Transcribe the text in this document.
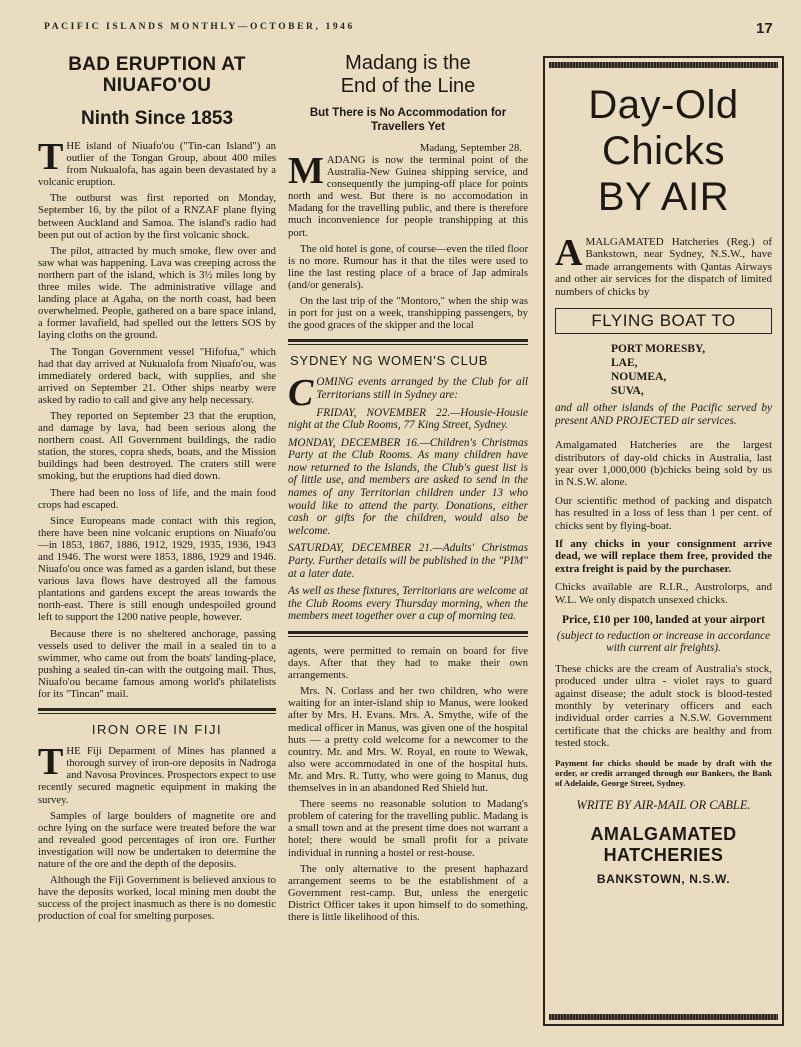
PACIFIC ISLANDS MONTHLY—OCTOBER, 1946	17
BAD ERUPTION AT NIUAFO'OU
Ninth Since 1853

THE island of Niuafo'ou ("Tin-can Island") an outlier of the Tongan Group, about 400 miles from Nukualofa, has again been devastated by a volcanic eruption.

The outburst was first reported on Monday, September 16, by the pilot of a RNZAF plane flying between Auckland and Samoa. The island's radio had been put out of action by the first volcanic shock.

The pilot, attracted by much smoke, flew over and saw what was happening. Lava was creeping across the northern part of the island, which is 3½ miles long by three miles wide. The administrative village and landing place at Agaha, on the north coast, had been overwhelmed. People, gathered on a bare space inland, a former lavafield, had spelled out the letters SOS by laying cloths on the ground.

The Tongan Government vessel "Hifofua," which had that day arrived at Nukualofa from Niuafo'ou, was immediately ordered back, with supplies, and she arrived on September 21. Other ships nearby were asked by radio to call and give any help necessary.

They reported on September 23 that the eruption, and damage by lava, had been serious along the northern coast. All Government buildings, the radio station, the stores, copra sheds, boats, and the Mission buildings had been destroyed. The craters still were smoking, but the eruptions had died down.

There had been no loss of life, and the main food crops had escaped.

Since Europeans made contact with this region, there have been nine volcanic eruptions on Niuafo'ou—in 1853, 1867, 1886, 1912, 1929, 1935, 1936, 1943 and 1946. The worst were 1853, 1886, 1929 and 1946. Niuafo'ou once was famed as a garden island, but these various lava flows have destroyed all the famous plantations and gardens except the areas towards the north-east. There is still enough undespoiled ground left to support the 1200 native people, however.

Because there is no sheltered anchorage, passing vessels used to deliver the mail in a sealed tin to a swimmer, who came out from the boats' landing-place, pushing a sealed tin-can with the outgoing mail. Thus, Niuafo'ou became famous among world's philatelists for its "Tincan" mail.

IRON ORE IN FIJI

THE Fiji Deparment of Mines has planned a thorough survey of iron-ore deposits in Nadroga and Navosa Provinces. Prospectors expect to use recently secured magnetic equipment in making the survey.

Samples of large boulders of magnetite ore and ochre lying on the surface were treated before the war and revealed good percentages of iron ore. Further investigation will now be undertaken to determine the nature of the ore and the depth of the deposits.

Although the Fiji Government is believed anxious to have the deposits worked, local mining men doubt the success of the project inasmuch as there is no domestic production of coal for smelting purposes.

Madang is the
End of the Line
But There is No Accommodation for Travellers Yet
Madang, September 28.

MADANG is now the terminal point of the Australia-New Guinea shipping service, and consequently the jumping-off place for points north and west. But there is no accomodation in Madang for the travelling public, and there is therefore much inconvenience for people transhipping at this port.

The old hotel is gone, of course—even the tiled floor is no more. Rumour has it that the tiles were used to line the last resting place of a brace of Jap admirals (and/or generals).

On the last trip of the "Montoro," when the ship was in port for just on a week, transhipping passengers, by the good graces of the skipper and the local

SYDNEY NG WOMEN'S CLUB

COMING events arranged by the Club for all Territorians still in Sydney are:

FRIDAY, NOVEMBER 22.—Housie-Housie night at the Club Rooms, 77 King Street, Sydney.

MONDAY, DECEMBER 16.—Children's Christmas Party at the Club Rooms. As many children have now returned to the Islands, the Club's guest list is of little use, and members are asked to send in the names of any Territorian children under 13 who would like to attend the party. Donations, either cash or gifts for the children, would also be welcome.

SATURDAY, DECEMBER 21.—Adults' Christmas Party. Further details will be published in the "PIM" at a later date.

As well as these fixtures, Territorians are welcome at the Club Rooms every Thursday morning, when the members meet together over a cup of morning tea.

agents, were permitted to remain on board for five days. After that they had to make their own arrangements.

Mrs. N. Corlass and her two children, who were waiting for an inter-island ship to Manus, were looked after by Mrs. H. Evans. Mrs. A. Smythe, wife of the medical officer in Manus, was given one of the hospital huts — a pretty cold welcome for a newcomer to the country. Mr. and Mrs. W. Royal, en route to Wewak, also were accommodated in one of the hospital huts. Mr. and Mrs. R. Tutty, who were going to Manus, dug themselves in in an abandoned Red Shield hut.

There seems no reasonable solution to Madang's problem of catering for the travelling public. Madang is a small town and at the present time does not warrant a hotel; there would be small profit for a private individual in running a hostel or rest-house.

The only alternative to the present haphazard arrangement seems to be the establishment of a Government rest-camp. But, unless the energetic District Officer takes it upon himself to do something, there is little likelihood of this.

Day-Old
Chicks
BY AIR

AMALGAMATED Hatcheries (Reg.) of Bankstown, near Sydney, N.S.W., have made arrangements with Qantas Airways and other air services for the dispatch of limited numbers of chicks by

FLYING BOAT TO
PORT MORESBY,
LAE,
NOUMEA,
SUVA,

and all other islands of the Pacific served by present AND PROJECTED air services.

Amalgamated Hatcheries are the largest distributors of day-old chicks in Australia, last year over 1,000,000 (b)chicks being sold by us in N.S.W. alone.

Our scientific method of packing and dispatch has resulted in a loss of less than 1 per cent. of chicks sent by flying-boat.

If any chicks in your consignment arrive dead, we will replace them free, provided the extra freight is paid by the purchaser.

Chicks available are R.I.R., Austrolorps, and W.L. We only dispatch unsexed chicks.

Price, £10 per 100, landed at your airport

(subject to reduction or increase in accordance with current air freights).

These chicks are the cream of Australia's stock, produced under ultra - violet rays to guard against disease; the adult stock is blood-tested monthly by veterinary officers and each individual order carries a N.S.W. Government certificate that the chicks are healthy and from tested stock.

Payment for chicks should be made by draft with the order, or credit arranged through our Bankers, the Bank of Adelaide, George Street, Sydney.

WRITE BY AIR-MAIL OR CABLE.
AMALGAMATED
HATCHERIES
BANKSTOWN, N.S.W.
